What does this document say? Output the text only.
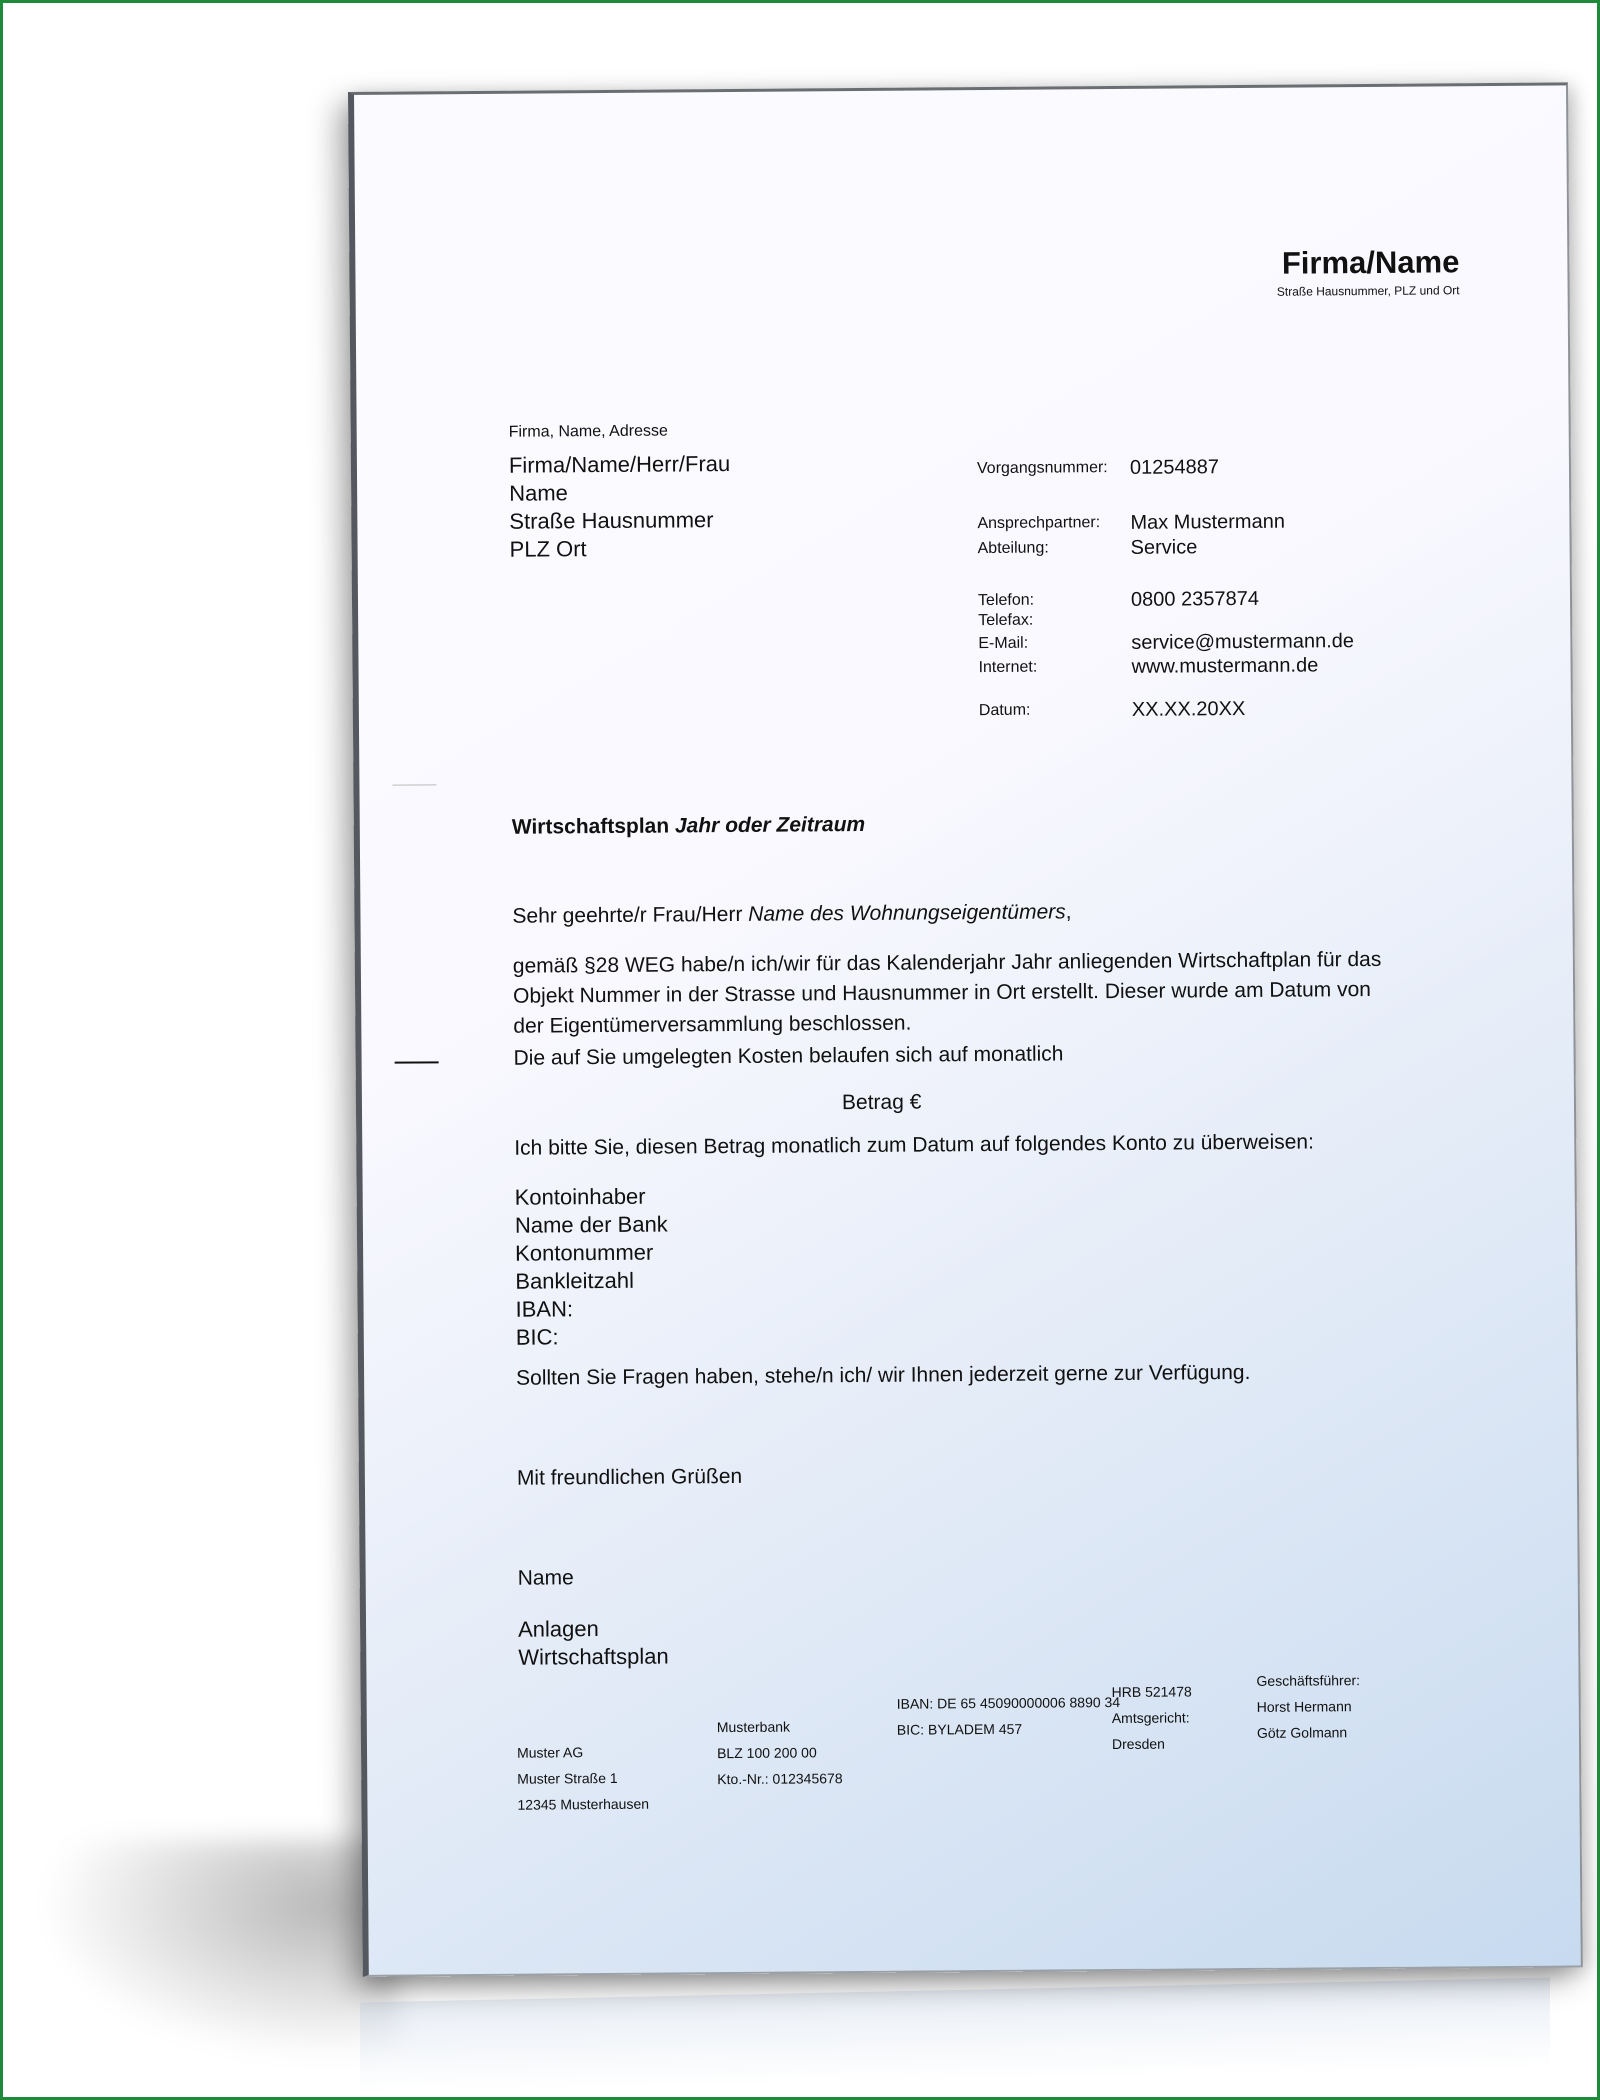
Firma/Name
Straße Hausnummer, PLZ und Ort
Firma, Name, Adresse
Firma/Name/Herr/Frau
Name
Straße Hausnummer
PLZ Ort
Vorgangsnummer: 01254887
Ansprechpartner: Max Mustermann
Abteilung:	Service
Telefon:	0800 2357874
Telefax:
E-Mail:	service@mustermann.de
Internet:	www.mustermann.de
Datum:	XX.XX.20XX
Wirtschaftsplan Jahr oder Zeitraum
Sehr geehrte/r Frau/Herr Name des Wohnungseigentümers,
gemäß §28 WEG habe/n ich/wir für das Kalenderjahr Jahr anliegenden Wirtschaftplan für das
Objekt Nummer in der Strasse und Hausnummer in Ort erstellt. Dieser wurde am Datum von
der Eigentümerversammlung beschlossen.
Die auf Sie umgelegten Kosten belaufen sich auf monatlich
Betrag €
Ich bitte Sie, diesen Betrag monatlich zum Datum auf folgendes Konto zu überweisen:
Kontoinhaber
Name der Bank
Kontonummer
Bankleitzahl
IBAN:
BIC:
Sollten Sie Fragen haben, stehe/n ich/ wir Ihnen jederzeit gerne zur Verfügung.
Mit freundlichen Grüßen
Name
Anlagen
Wirtschaftsplan
Muster AG
Muster Straße 1
12345 Musterhausen
Musterbank
BLZ 100 200 00
Kto.-Nr.: 012345678
IBAN: DE 65 45090000006 8890 34
BIC: BYLADEM 457
HRB 521478
Amtsgericht:
Dresden
Geschäftsführer:
Horst Hermann
Götz Golmann
